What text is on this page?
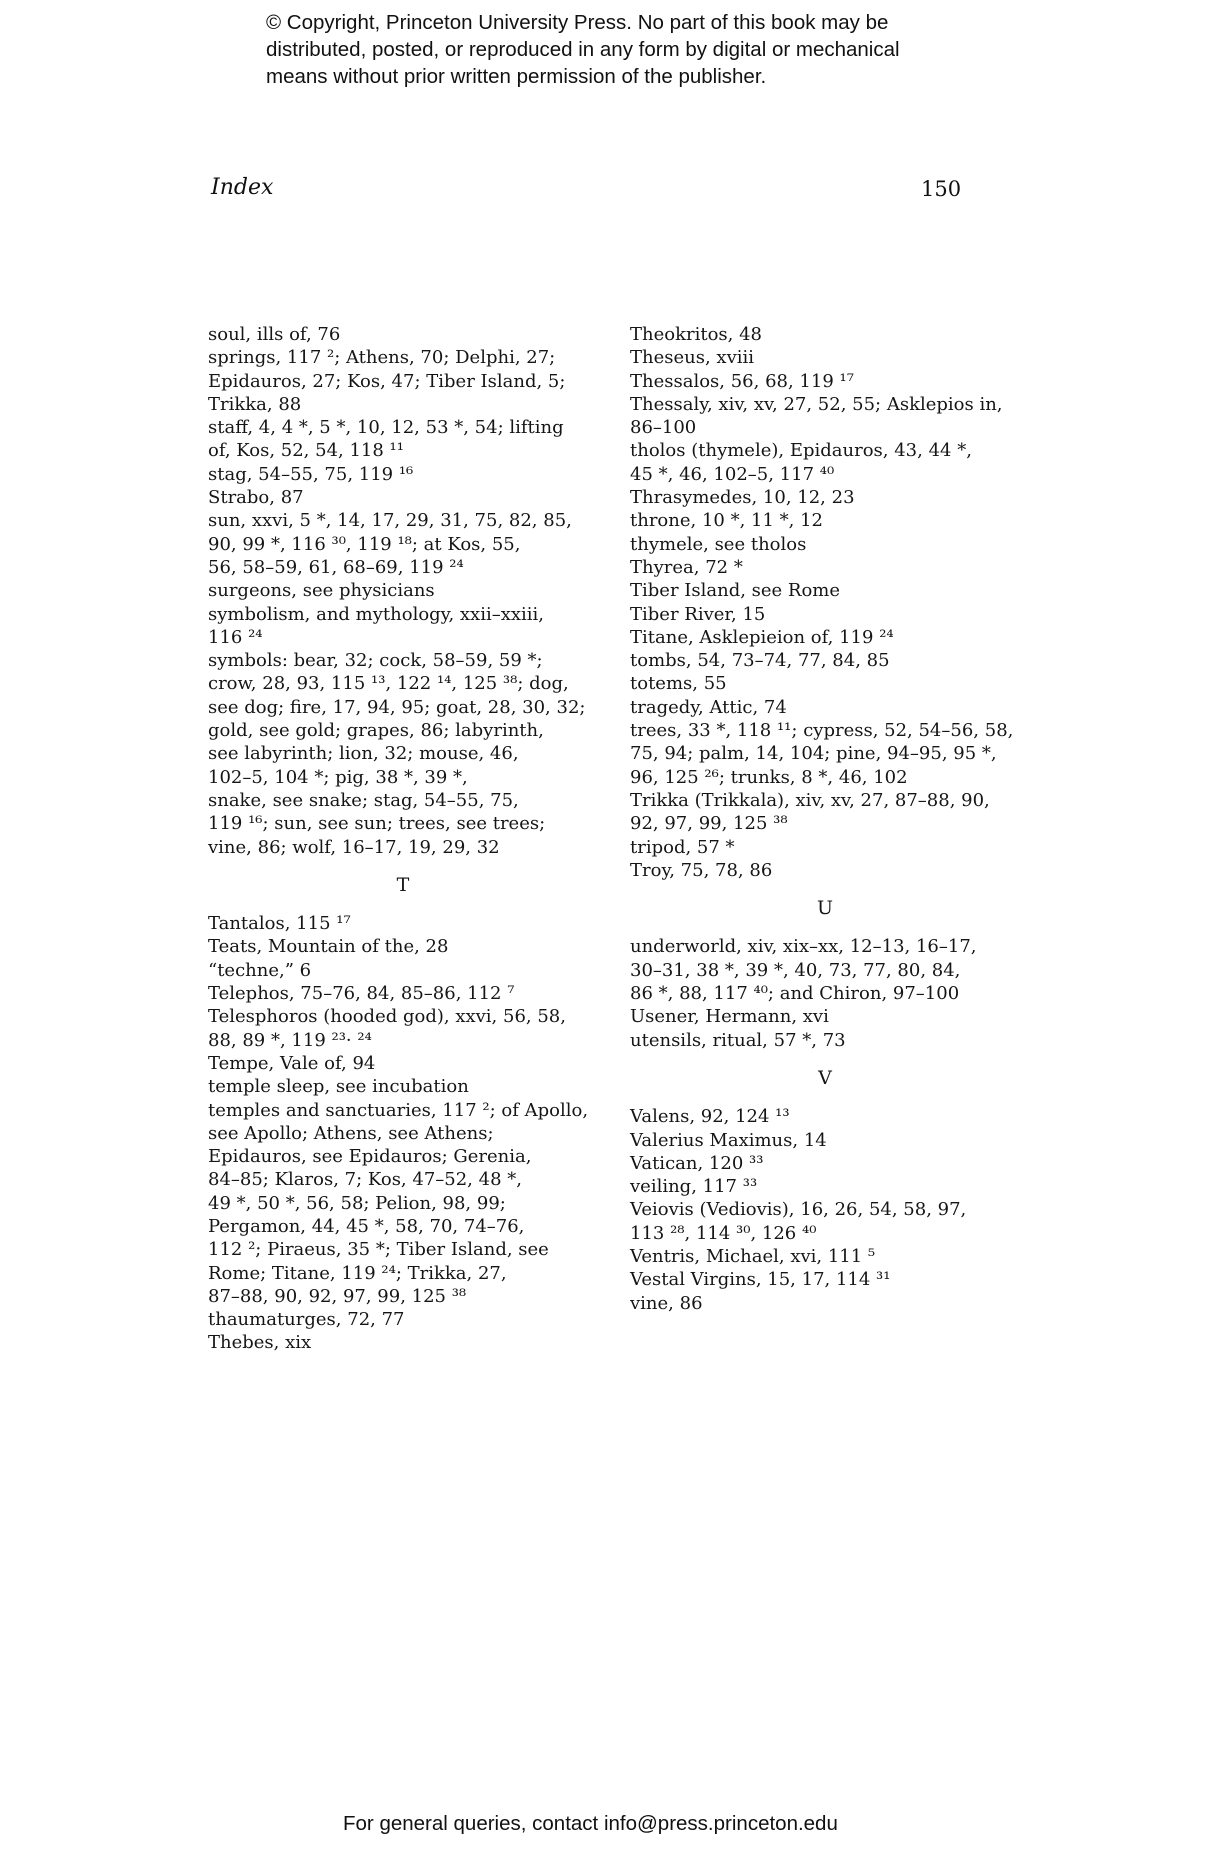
© Copyright, Princeton University Press. No part of this book may be
distributed, posted, or reproduced in any form by digital or mechanical
means without prior written permission of the publisher.
Index	150
soul, ills of, 76
springs, 117 ²; Athens, 70; Delphi, 27;
Epidauros, 27; Kos, 47; Tiber Island, 5;
Trikka, 88
staff, 4, 4 *, 5 *, 10, 12, 53 *, 54; lifting
of, Kos, 52, 54, 118 ¹¹
stag, 54–55, 75, 119 ¹⁶
Strabo, 87
sun, xxvi, 5 *, 14, 17, 29, 31, 75, 82, 85,
90, 99 *, 116 ³⁰, 119 ¹⁸; at Kos, 55,
56, 58–59, 61, 68–69, 119 ²⁴
surgeons, see physicians
symbolism, and mythology, xxii–xxiii,
116 ²⁴
symbols: bear, 32; cock, 58–59, 59 *;
crow, 28, 93, 115 ¹³, 122 ¹⁴, 125 ³⁸; dog,
see dog; fire, 17, 94, 95; goat, 28, 30, 32;
gold, see gold; grapes, 86; labyrinth,
see labyrinth; lion, 32; mouse, 46,
102–5, 104 *; pig, 38 *, 39 *,
snake, see snake; stag, 54–55, 75,
119 ¹⁶; sun, see sun; trees, see trees;
vine, 86; wolf, 16–17, 19, 29, 32
T
Tantalos, 115 ¹⁷
Teats, Mountain of the, 28
“techne,” 6
Telephos, 75–76, 84, 85–86, 112 ⁷
Telesphoros (hooded god), xxvi, 56, 58,
88, 89 *, 119 ²³· ²⁴
Tempe, Vale of, 94
temple sleep, see incubation
temples and sanctuaries, 117 ²; of Apollo,
see Apollo; Athens, see Athens;
Epidauros, see Epidauros; Gerenia,
84–85; Klaros, 7; Kos, 47–52, 48 *,
49 *, 50 *, 56, 58; Pelion, 98, 99;
Pergamon, 44, 45 *, 58, 70, 74–76,
112 ²; Piraeus, 35 *; Tiber Island, see
Rome; Titane, 119 ²⁴; Trikka, 27,
87–88, 90, 92, 97, 99, 125 ³⁸
thaumaturges, 72, 77
Thebes, xix
Theokritos, 48
Theseus, xviii
Thessalos, 56, 68, 119 ¹⁷
Thessaly, xiv, xv, 27, 52, 55; Asklepios in,
86–100
tholos (thymele), Epidauros, 43, 44 *,
45 *, 46, 102–5, 117 ⁴⁰
Thrasymedes, 10, 12, 23
throne, 10 *, 11 *, 12
thymele, see tholos
Thyrea, 72 *
Tiber Island, see Rome
Tiber River, 15
Titane, Asklepieion of, 119 ²⁴
tombs, 54, 73–74, 77, 84, 85
totems, 55
tragedy, Attic, 74
trees, 33 *, 118 ¹¹; cypress, 52, 54–56, 58,
75, 94; palm, 14, 104; pine, 94–95, 95 *,
96, 125 ²⁶; trunks, 8 *, 46, 102
Trikka (Trikkala), xiv, xv, 27, 87–88, 90,
92, 97, 99, 125 ³⁸
tripod, 57 *
Troy, 75, 78, 86
U
underworld, xiv, xix–xx, 12–13, 16–17,
30–31, 38 *, 39 *, 40, 73, 77, 80, 84,
86 *, 88, 117 ⁴⁰; and Chiron, 97–100
Usener, Hermann, xvi
utensils, ritual, 57 *, 73
V
Valens, 92, 124 ¹³
Valerius Maximus, 14
Vatican, 120 ³³
veiling, 117 ³³
Veiovis (Vediovis), 16, 26, 54, 58, 97,
113 ²⁸, 114 ³⁰, 126 ⁴⁰
Ventris, Michael, xvi, 111 ⁵
Vestal Virgins, 15, 17, 114 ³¹
vine, 86
For general queries, contact info@press.princeton.edu
